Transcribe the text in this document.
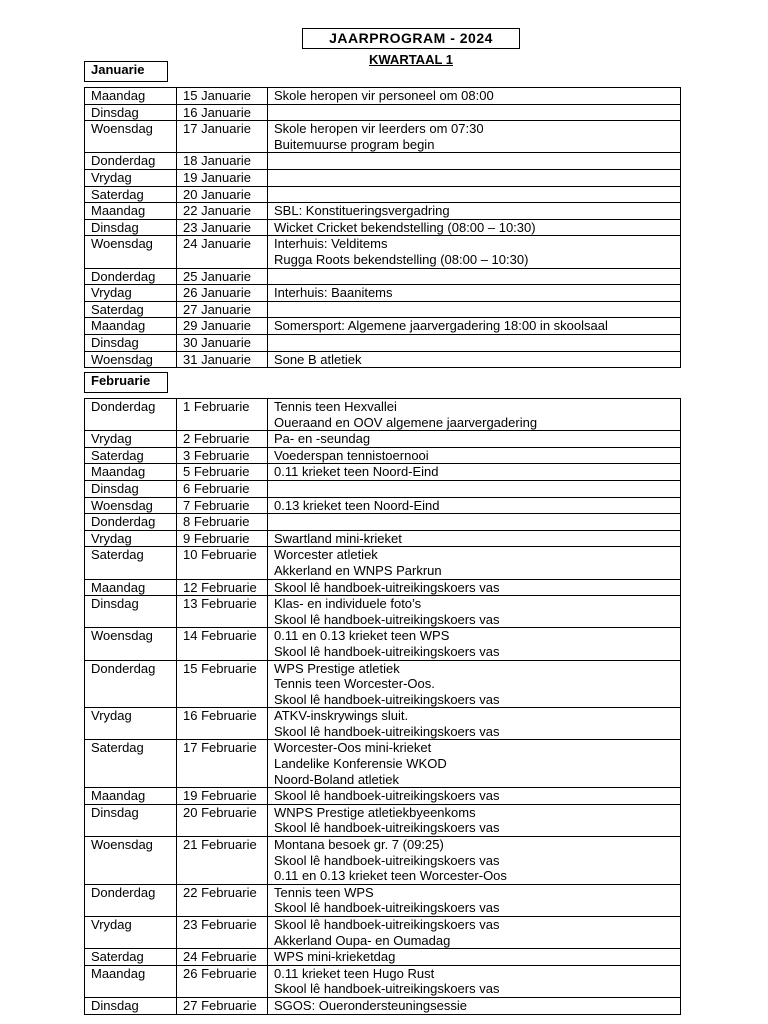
JAARPROGRAM - 2024
KWARTAAL 1
Januarie
Maandag	15 Januarie	Skole heropen vir personeel om 08:00

Dinsdag	16 Januarie	
Woensdag	17 Januarie	Skole heropen vir leerders om 07:30
Buitemuurse program begin

Donderdag	18 Januarie	
Vrydag	19 Januarie	
Saterdag	20 Januarie	
Maandag	22 Januarie	SBL: Konstitueringsvergadring

Dinsdag	23 Januarie	Wicket Cricket bekendstelling (08:00 – 10:30)

Woensdag	24 Januarie	Interhuis: Velditems
Rugga Roots bekendstelling (08:00 – 10:30)

Donderdag	25 Januarie	
Vrydag	26 Januarie	Interhuis: Baanitems

Saterdag	27 Januarie	
Maandag	29 Januarie	Somersport: Algemene jaarvergadering 18:00 in skoolsaal

Dinsdag	30 Januarie	
Woensdag	31 Januarie	Sone B atletiek
Februarie
Donderdag	1 Februarie	Tennis teen Hexvallei
Oueraand en OOV algemene jaarvergadering

Vrydag	2 Februarie	Pa- en -seundag

Saterdag	3 Februarie	Voederspan tennistoernooi

Maandag	5 Februarie	0.11 krieket teen Noord-Eind

Dinsdag	6 Februarie	
Woensdag	7 Februarie	0.13 krieket teen Noord-Eind

Donderdag	8 Februarie	
Vrydag	9 Februarie	Swartland mini-krieket

Saterdag	10 Februarie	Worcester atletiek
Akkerland en WNPS Parkrun

Maandag	12 Februarie	Skool lê handboek-uitreikingskoers vas

Dinsdag	13 Februarie	Klas- en individuele foto’s
Skool lê handboek-uitreikingskoers vas

Woensdag	14 Februarie	0.11 en 0.13 krieket teen WPS
Skool lê handboek-uitreikingskoers vas

Donderdag	15 Februarie	WPS Prestige atletiek
Tennis teen Worcester-Oos.
Skool lê handboek-uitreikingskoers vas

Vrydag	16 Februarie	ATKV-inskrywings sluit.
Skool lê handboek-uitreikingskoers vas

Saterdag	17 Februarie	Worcester-Oos mini-krieket
Landelike Konferensie WKOD
Noord-Boland atletiek

Maandag	19 Februarie	Skool lê handboek-uitreikingskoers vas

Dinsdag	20 Februarie	WNPS Prestige atletiekbyeenkoms
Skool lê handboek-uitreikingskoers vas

Woensdag	21 Februarie	Montana besoek gr. 7 (09:25)
Skool lê handboek-uitreikingskoers vas
0.11 en 0.13 krieket teen Worcester-Oos

Donderdag	22 Februarie	Tennis teen WPS
Skool lê handboek-uitreikingskoers vas

Vrydag	23 Februarie	Skool lê handboek-uitreikingskoers vas
Akkerland Oupa- en Oumadag

Saterdag	24 Februarie	WPS mini-krieketdag

Maandag	26 Februarie	0.11 krieket teen Hugo Rust
Skool lê handboek-uitreikingskoers vas

Dinsdag	27 Februarie	SGOS: Ouerondersteuningsessie
